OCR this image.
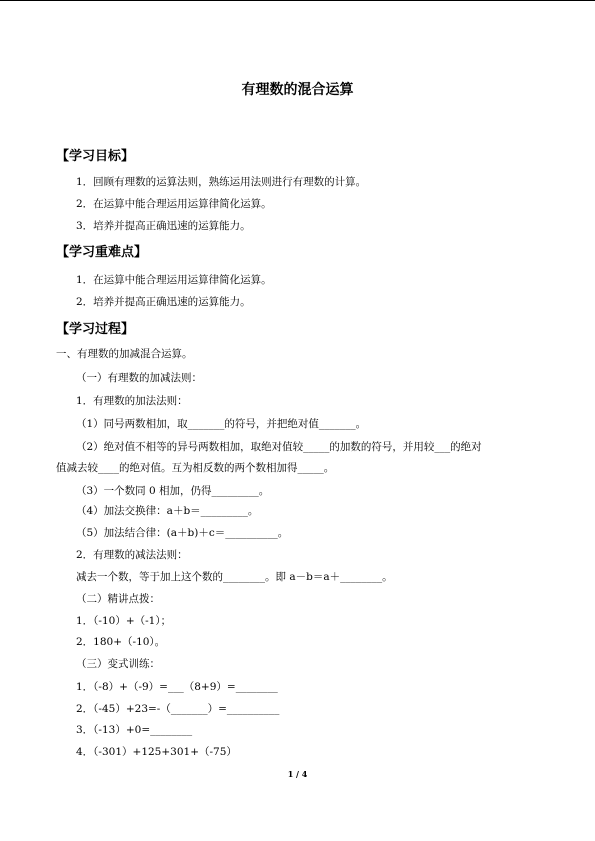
有理数的混合运算
【学习目标】
1．回顾有理数的运算法则，熟练运用法则进行有理数的计算。
2．在运算中能合理运用运算律简化运算。
3．培养并提高正确迅速的运算能力。
【学习重难点】
1．在运算中能合理运用运算律简化运算。
2．培养并提高正确迅速的运算能力。
【学习过程】
一、有理数的加减混合运算。
（一）有理数的加减法则：
1．有理数的加法法则：
（1）同号两数相加，取_______的符号，并把绝对值_______。
（2）绝对值不相等的异号两数相加，取绝对值较_____的加数的符号，并用较___的绝对
值减去较____的绝对值。互为相反数的两个数相加得_____。
（3）一个数同 0 相加，仍得_________。
（4）加法交换律：a＋b＝_________。
（5）加法结合律：(a＋b)＋c＝__________。
2．有理数的减法法则：
减去一个数，等于加上这个数的________。即 a－b＝a＋________。
（二）精讲点拨：
1．（-10）+（-1）；
2．180+（-10）。
（三）变式训练：
1．（-8）+（-9）=___（8+9）=________
2．（-45）+23=-（_______）=__________
3．（-13）+0=________
4．（-301）+125+301+（-75）
1 / 4
